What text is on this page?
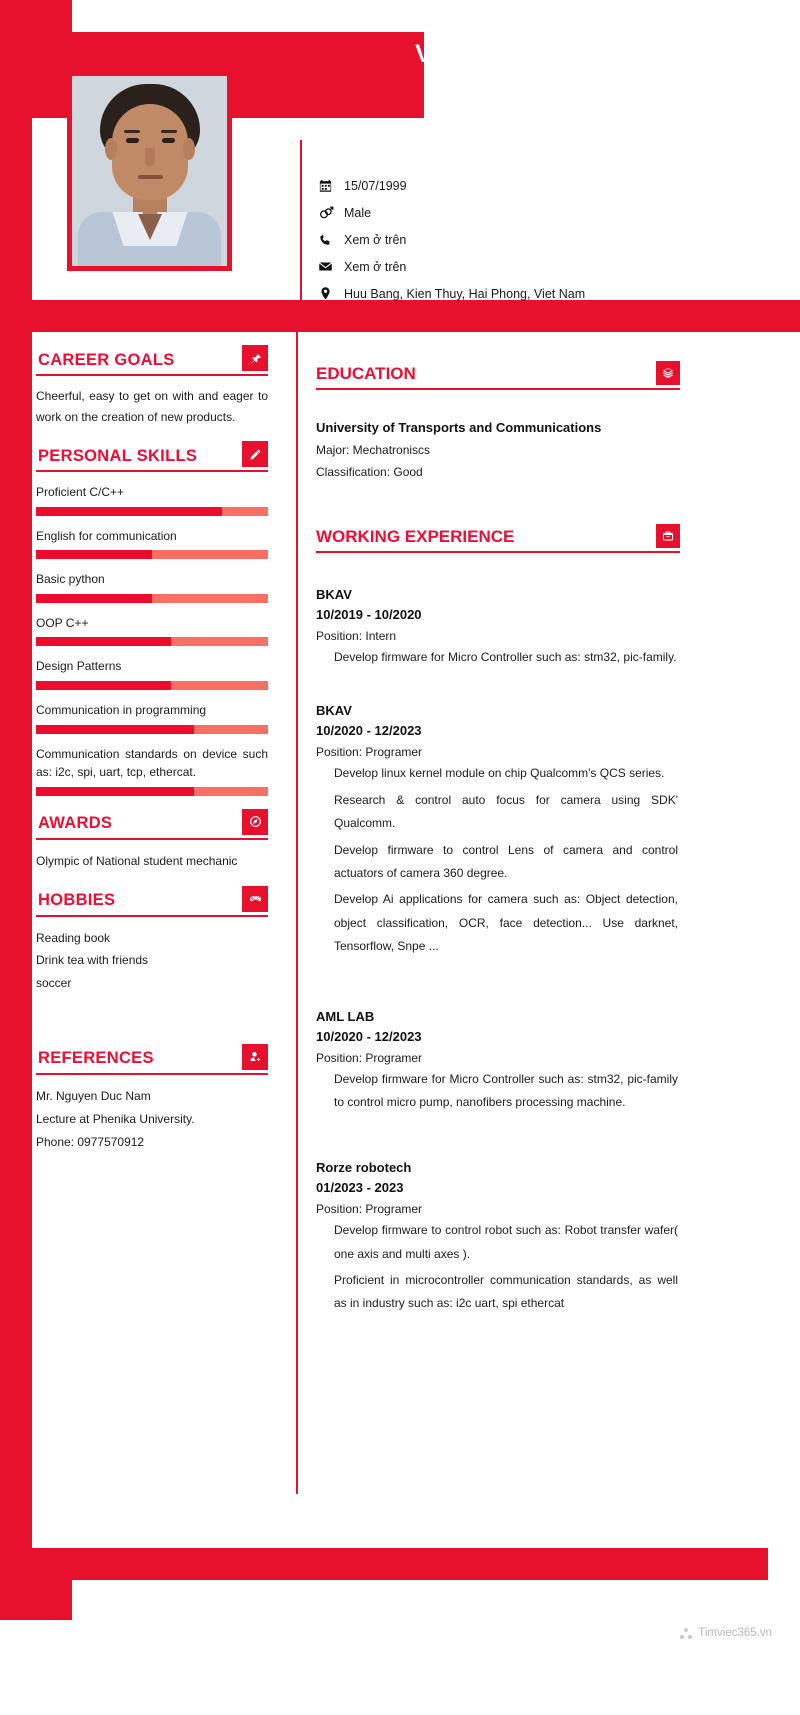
VU VAN SON
ENGINEER
15/07/1999
Male
Xem ở trên
Xem ở trên
Huu Bang, Kien Thuy, Hai Phong, Viet Nam
CAREER GOALS
Cheerful, easy to get on with and eager to work on the creation of new products.
PERSONAL SKILLS
Proficient C/C++
English for communication
Basic python
OOP C++
Design Patterns
Communication in programming
Communication standards on device such as: i2c, spi, uart, tcp, ethercat.
AWARDS
Olympic of National student mechanic
HOBBIES
Reading book
Drink tea with friends
soccer
REFERENCES
Mr. Nguyen Duc Nam
Lecture at Phenika University.
Phone: 0977570912
EDUCATION
University of Transports and Communications
Major: Mechatroniscs
Classification: Good
WORKING EXPERIENCE
BKAV
10/2019 - 10/2020
Position: Intern
Develop firmware for Micro Controller such as: stm32, pic-family.
BKAV
10/2020 - 12/2023
Position: Programer
Develop linux kernel module on chip Qualcomm's QCS series.
Research & control auto focus for camera using SDK' Qualcomm.
Develop firmware to control Lens of camera and control actuators of camera 360 degree.
Develop Ai applications for camera such as: Object detection, object classification, OCR, face detection... Use darknet, Tensorflow, Snpe ...
AML LAB
10/2020 - 12/2023
Position: Programer
Develop firmware for Micro Controller such as: stm32, pic-family to control micro pump, nanofibers processing machine.
Rorze robotech
01/2023 - 2023
Position: Programer
Develop firmware to control robot such as: Robot transfer wafer( one axis and multi axes ).
Proficient in microcontroller communication standards, as well as in industry such as: i2c uart, spi ethercat
Timviec365.vn
